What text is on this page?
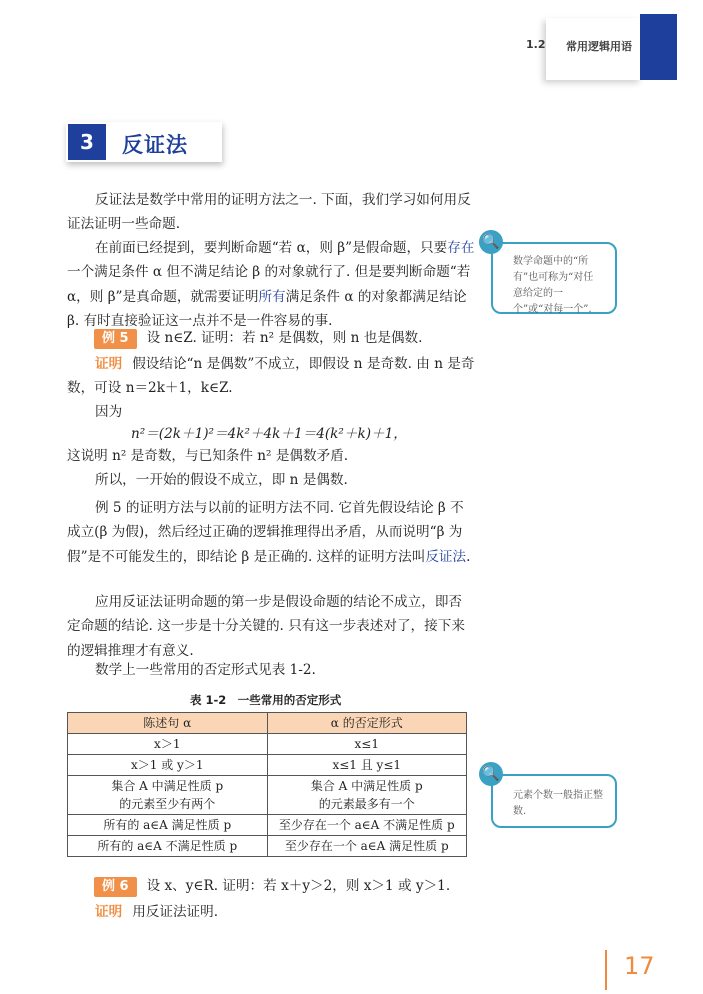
1.2 常用逻辑用语
3	反证法

反证法是数学中常用的证明方法之一. 下面，我们学习如何用反证法证明一些命题.

在前面已经提到，要判断命题“若 α，则 β”是假命题，只要存在一个满足条件 α 但不满足结论 β 的对象就行了. 但是要判断命题“若 α，则 β”是真命题，就需要证明所有满足条件 α 的对象都满足结论 β. 有时直接验证这一点并不是一件容易的事.

例 5 设 n∈Z. 证明：若 n² 是偶数，则 n 也是偶数.

证明 假设结论“n 是偶数”不成立，即假设 n 是奇数. 由 n 是奇数，可设 n＝2k＋1，k∈Z.

因为

n²＝(2k＋1)²＝4k²＋4k＋1＝4(k²＋k)＋1，

这说明 n² 是奇数，与已知条件 n² 是偶数矛盾.

所以，一开始的假设不成立，即 n 是偶数.

例 5 的证明方法与以前的证明方法不同. 它首先假设结论 β 不成立(β 为假)，然后经过正确的逻辑推理得出矛盾，从而说明“β 为假”是不可能发生的，即结论 β 是正确的. 这样的证明方法叫反证法.

应用反证法证明命题的第一步是假设命题的结论不成立，即否定命题的结论. 这一步是十分关键的. 只有这一步表述对了，接下来的逻辑推理才有意义.

数学上一些常用的否定形式见表 1-2.

表 1-2　一些常用的否定形式
陈述句 α	α 的否定形式
x＞1	x≤1
x＞1 或 y＞1	x≤1 且 y≤1
集合 A 中满足性质 p 的元素至少有两个	集合 A 中满足性质 p 的元素最多有一个
所有的 a∈A 满足性质 p	至少存在一个 a∈A 不满足性质 p
所有的 a∈A 不满足性质 p	至少存在一个 a∈A 满足性质 p

例 6 设 x、y∈R. 证明：若 x＋y＞2，则 x＞1 或 y＞1.

证明 用反证法证明.

🔍
数学命题中的“所有”也可称为“对任意给定的一个”或“对每一个”.
🔍
元素个数一般指正整数.
17
